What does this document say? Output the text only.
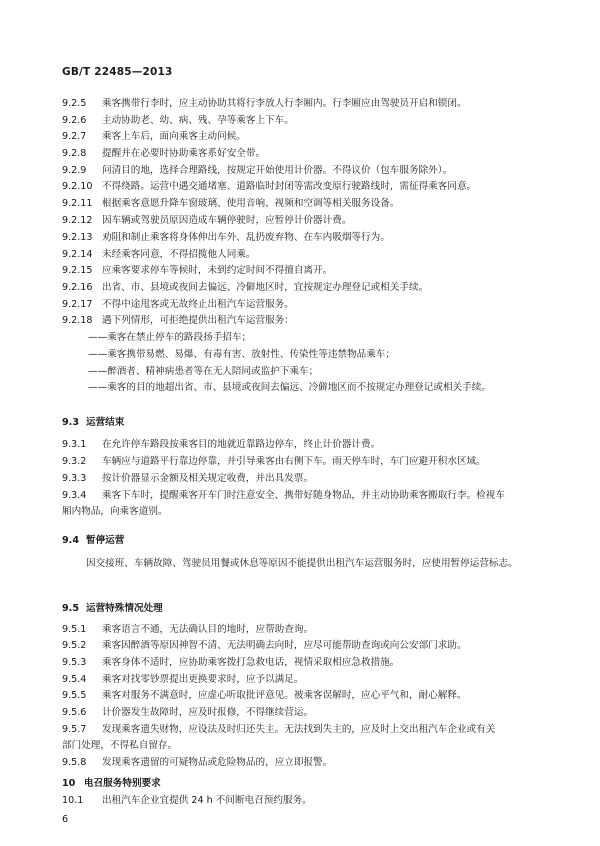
GB/T 22485—2013
9.2.5 乘客携带行李时，应主动协助其将行李放人行李厢内。行李厢应由驾驶员开启和锁闭。
9.2.6 主动协助老、幼、病、残、孕等乘客上下车。
9.2.7 乘客上车后，面向乘客主动问候。
9.2.8 提醒并在必要时协助乘客系好安全带。
9.2.9 问清目的地，选择合理路线，按规定开始使用计价器。不得议价（包车服务除外）。
9.2.10 不得绕路。运营中遇交通堵塞、道路临时封闭等需改变原行驶路线时，需征得乘客同意。
9.2.11 根据乘客意愿升降车窗玻璃、使用音响、视频和空调等相关服务设备。
9.2.12 因车辆或驾驶员原因造成车辆停驶时，应暂停计价器计费。
9.2.13 劝阻和制止乘客将身体伸出车外、乱扔废弃物、在车内吸烟等行为。
9.2.14 未经乘客同意，不得招揽他人同乘。
9.2.15 应乘客要求停车等候时，未到约定时间不得擅自离开。
9.2.16 出省、市、县境或夜间去偏远、冷僻地区时，宜按规定办理登记或相关手续。
9.2.17 不得中途甩客或无故终止出租汽车运营服务。
9.2.18 遇下列情形，可拒绝提供出租汽车运营服务：
——乘客在禁止停车的路段扬手招车；
——乘客携带易燃、易爆、有毒有害、放射性、传染性等违禁物品乘车；
——醉酒者、精神病患者等在无人陪同或监护下乘车；
——乘客的目的地超出省、市、县境或夜间去偏远、冷僻地区而不按规定办理登记或相关手续。
9.3 运营结束
9.3.1 在允许停车路段按乘客目的地就近靠路边停车，终止计价器计费。
9.3.2 车辆应与道路平行靠边停靠，并引导乘客由右侧下车。雨天停车时，车门应避开积水区域。
9.3.3 按计价器显示金额及相关规定收费，并出具发票。
9.3.4 乘客下车时，提醒乘客开车门时注意安全、携带好随身物品，并主动协助乘客搬取行李。检视车
厢内物品，向乘客道别。
9.4 暂停运营
因交接班、车辆故障、驾驶员用餐或休息等原因不能提供出租汽车运营服务时，应使用暂停运营标志。
9.5 运营特殊情况处理
9.5.1 乘客语言不通，无法确认目的地时，应帮助查询。
9.5.2 乘客因醉酒等原因神智不清、无法明确去向时，应尽可能帮助查询或向公安部门求助。
9.5.3 乘客身体不适时，应协助乘客拨打急救电话，视情采取相应急救措施。
9.5.4 乘客对找零钞票提出更换要求时，应予以满足。
9.5.5 乘客对服务不满意时，应虚心听取批评意见。被乘客误解时，应心平气和，耐心解释。
9.5.6 计价器发生故障时，应及时报修，不得继续营运。
9.5.7 发现乘客遗失财物，应设法及时归还失主。无法找到失主的，应及时上交出租汽车企业或有关
部门处理，不得私自留存。
9.5.8 发现乘客遗留的可疑物品或危险物品的，应立即报警。
10 电召服务特别要求
10.1 出租汽车企业宜提供 24 h 不间断电召预约服务。
6
